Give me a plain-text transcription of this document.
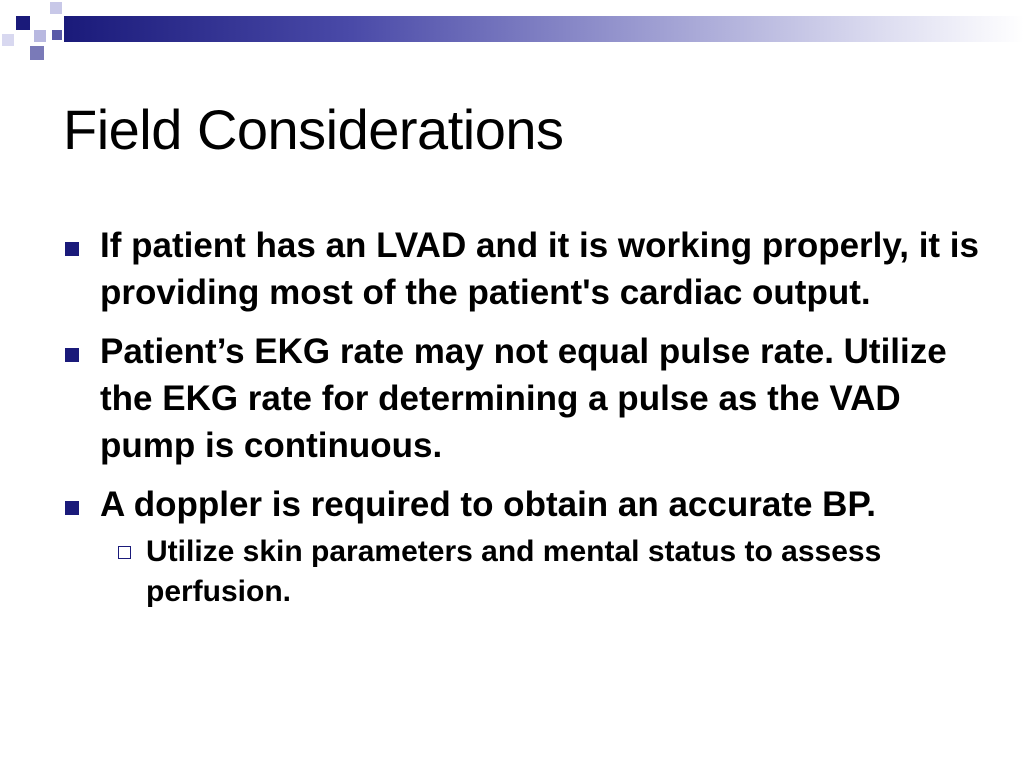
Field Considerations
If patient has an LVAD and it is working properly, it is providing most of the patient's cardiac output.
Patient’s EKG rate may not equal pulse rate. Utilize the EKG rate for determining a pulse as the VAD pump is continuous.
A doppler is required to obtain an accurate BP.
Utilize skin parameters and mental status to assess perfusion.
